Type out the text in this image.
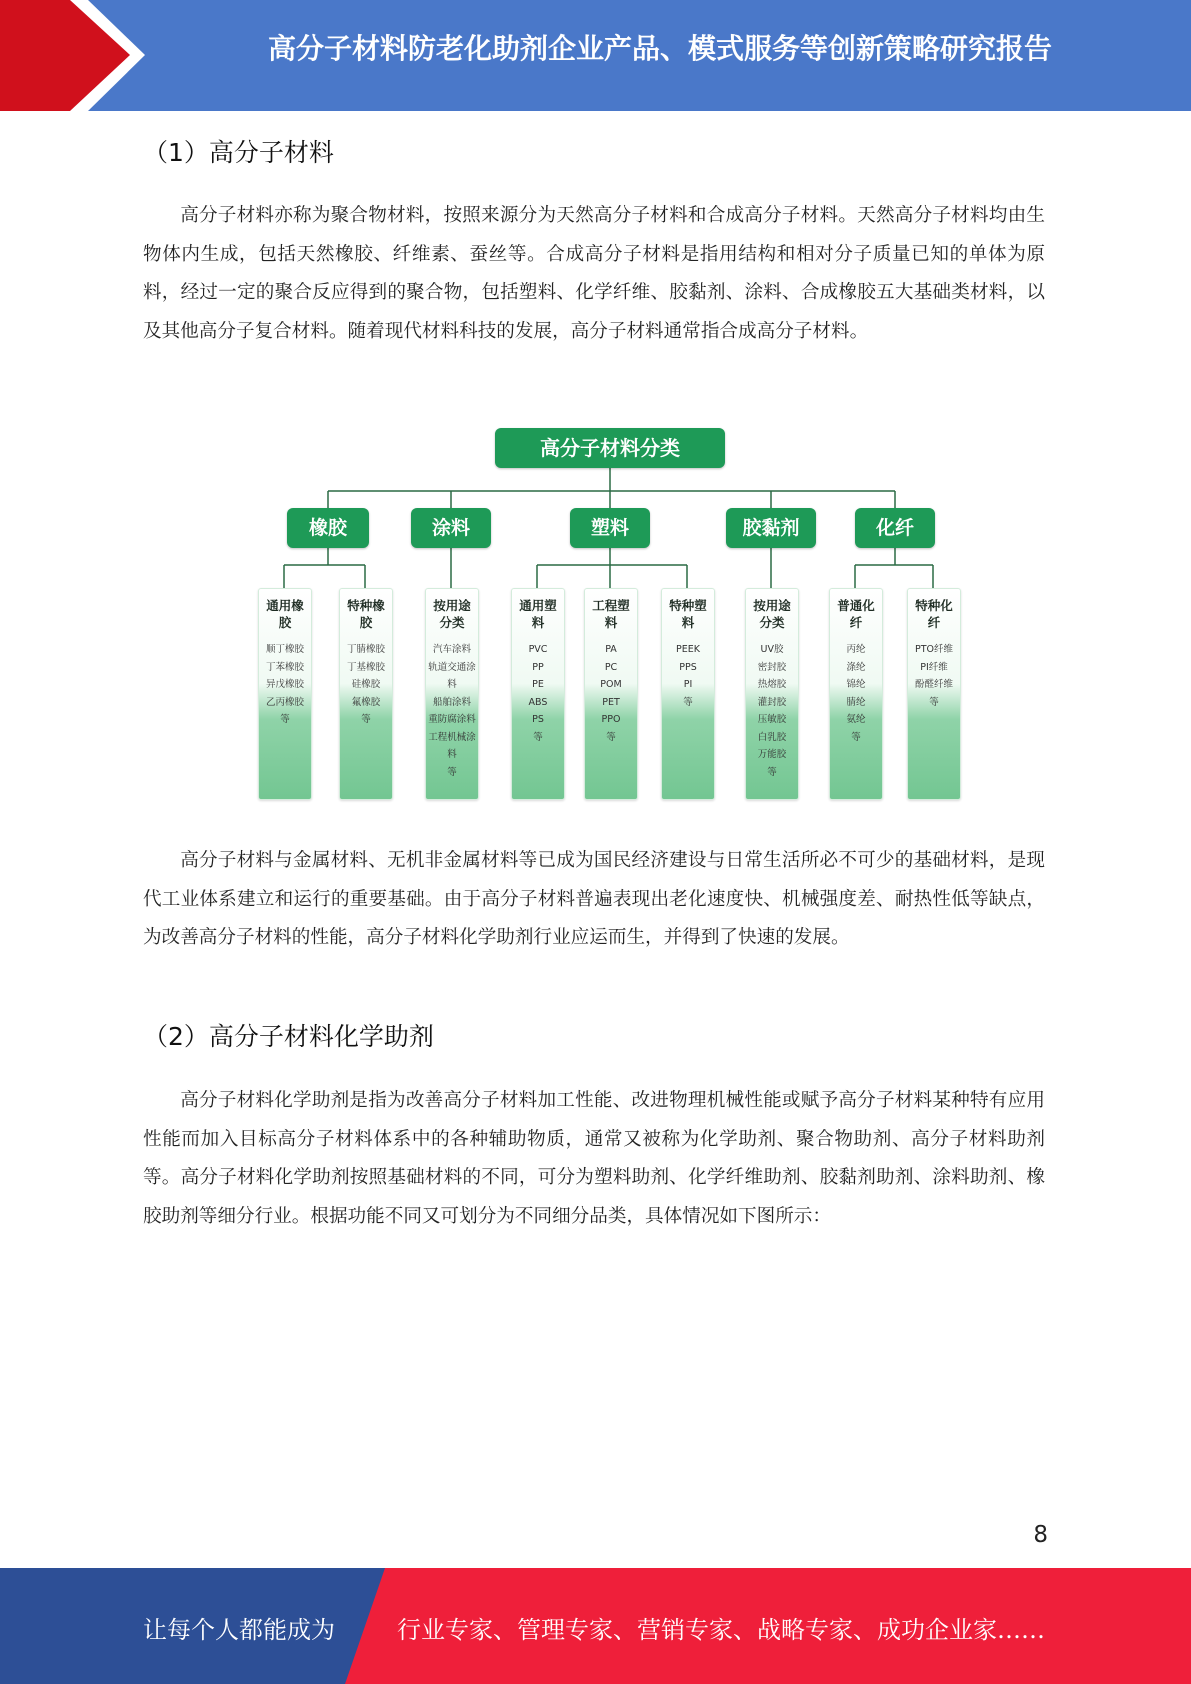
高分子材料防老化助剂企业产品、模式服务等创新策略研究报告
（1）高分子材料

高分子材料亦称为聚合物材料，按照来源分为天然高分子材料和合成高分子材料。天然高分子材料均由生物体内生成，包括天然橡胶、纤维素、蚕丝等。合成高分子材料是指用结构和相对分子质量已知的单体为原料，经过一定的聚合反应得到的聚合物，包括塑料、化学纤维、胶黏剂、涂料、合成橡胶五大基础类材料，以及其他高分子复合材料。随着现代材料科技的发展，高分子材料通常指合成高分子材料。

高分子材料分类
橡胶	涂料	塑料	胶黏剂	化纤
通用橡胶
顺丁橡胶
丁苯橡胶
异戊橡胶
乙丙橡胶
等
特种橡胶
丁腈橡胶
丁基橡胶
硅橡胶
氟橡胶
等
按用途分类
汽车涂料
轨道交通涂料
船舶涂料
重防腐涂料
工程机械涂料
等
通用塑料
PVC
PP
PE
ABS
PS
等
工程塑料
PA
PC
POM
PET
PPO
等
特种塑料
PEEK
PPS
PI
等
按用途分类
UV胶
密封胶
热熔胶
灌封胶
压敏胶
白乳胶
万能胶
等
普通化纤
丙纶
涤纶
锦纶
腈纶
氨纶
等
特种化纤
PTO纤维
PI纤维
酚醛纤维
等

高分子材料与金属材料、无机非金属材料等已成为国民经济建设与日常生活所必不可少的基础材料，是现代工业体系建立和运行的重要基础。由于高分子材料普遍表现出老化速度快、机械强度差、耐热性低等缺点，为改善高分子材料的性能，高分子材料化学助剂行业应运而生，并得到了快速的发展。

（2）高分子材料化学助剂

高分子材料化学助剂是指为改善高分子材料加工性能、改进物理机械性能或赋予高分子材料某种特有应用性能而加入目标高分子材料体系中的各种辅助物质，通常又被称为化学助剂、聚合物助剂、高分子材料助剂等。高分子材料化学助剂按照基础材料的不同，可分为塑料助剂、化学纤维助剂、胶黏剂助剂、涂料助剂、橡胶助剂等细分行业。根据功能不同又可划分为不同细分品类，具体情况如下图所示：

8
让每个人都能成为	行业专家、管理专家、营销专家、战略专家、成功企业家……
